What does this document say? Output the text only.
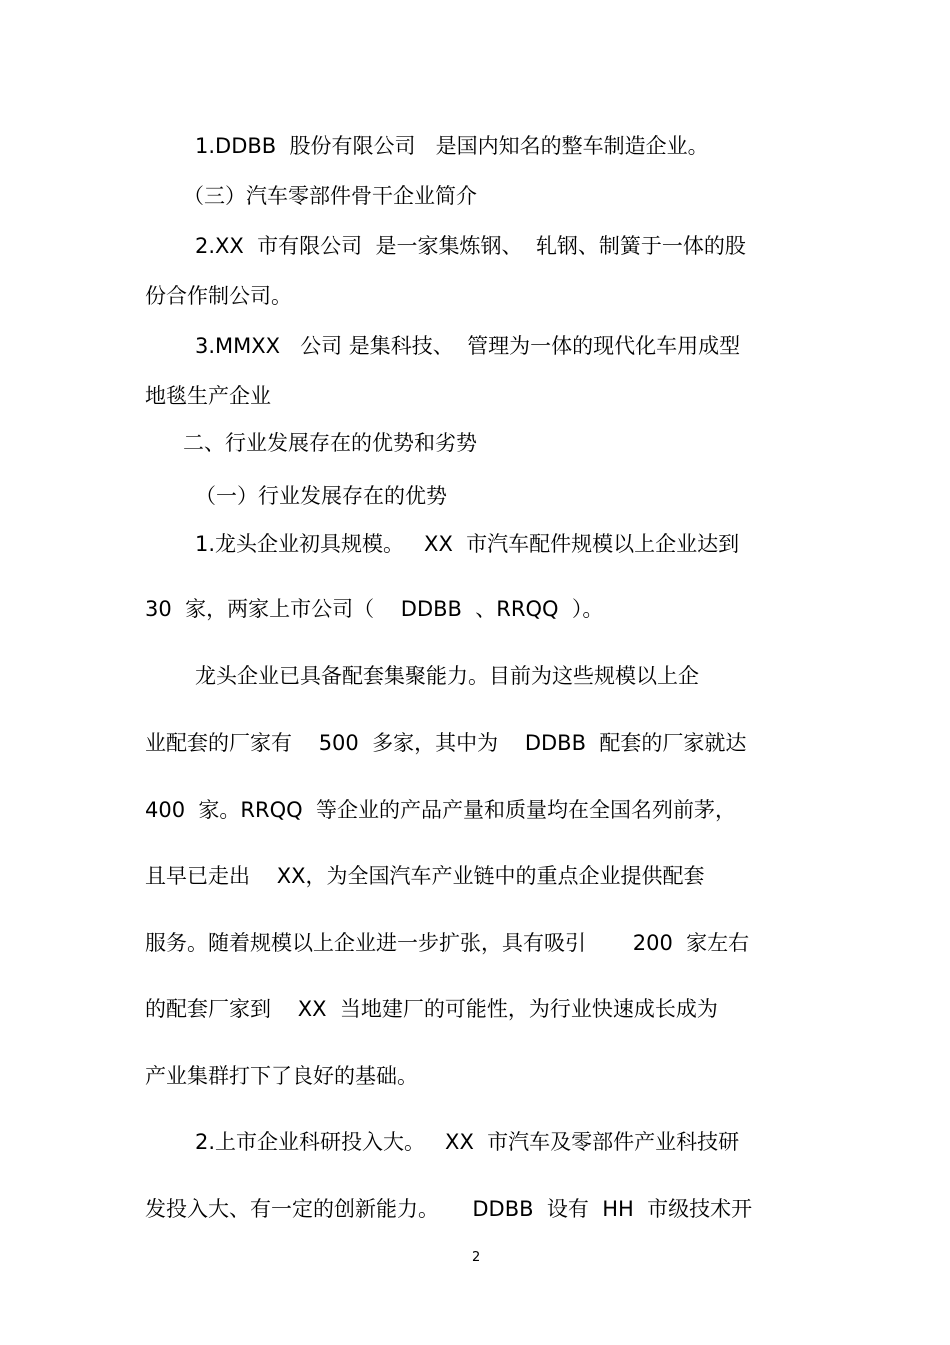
1.DDBB  股份有限公司   是国内知名的整车制造企业。
（三）汽车零部件骨干企业简介
2.XX  市有限公司  是一家集炼钢、  轧钢、制簧于一体的股
份合作制公司。
3.MMXX   公司 是集科技、  管理为一体的现代化车用成型
地毯生产企业
二、行业发展存在的优势和劣势
（一）行业发展存在的优势
1.龙头企业初具规模。   XX  市汽车配件规模以上企业达到
30  家，两家上市公司（    DDBB  、RRQQ  ）。
龙头企业已具备配套集聚能力。目前为这些规模以上企
业配套的厂家有    500  多家，其中为    DDBB  配套的厂家就达
400  家。RRQQ  等企业的产品产量和质量均在全国名列前茅，
且早已走出    XX，为全国汽车产业链中的重点企业提供配套
服务。随着规模以上企业进一步扩张，具有吸引       200  家左右
的配套厂家到    XX  当地建厂的可能性，为行业快速成长成为
产业集群打下了良好的基础。
2.上市企业科研投入大。   XX  市汽车及零部件产业科技研
发投入大、有一定的创新能力。     DDBB  设有  HH  市级技术开
2
